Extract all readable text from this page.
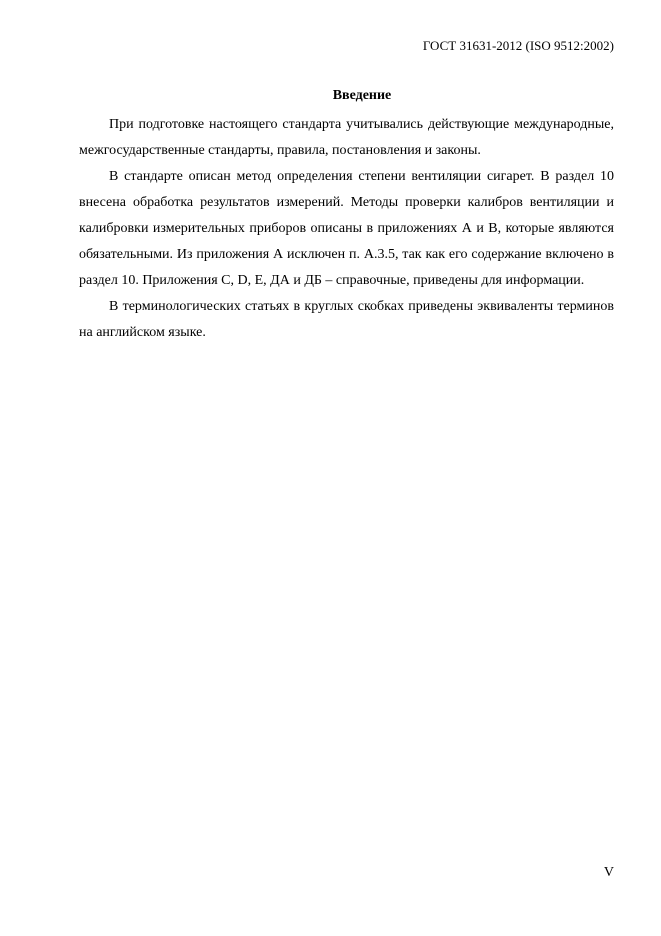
ГОСТ 31631-2012 (ISO 9512:2002)
Введение

При подготовке настоящего стандарта учитывались действующие международные, межгосударственные стандарты, правила, постановления и законы.

В стандарте описан метод определения степени вентиляции сигарет. В раздел 10 внесена обработка результатов измерений. Методы проверки калибров вентиляции и калибровки измерительных приборов описаны в приложениях А и В, которые являются обязательными. Из приложения А исключен п. А.3.5, так как его содержание включено в раздел 10. Приложения С, D, Е, ДА и ДБ – справочные, приведены для информации.

В терминологических статьях в круглых скобках приведены эквиваленты терминов на английском языке.

V
